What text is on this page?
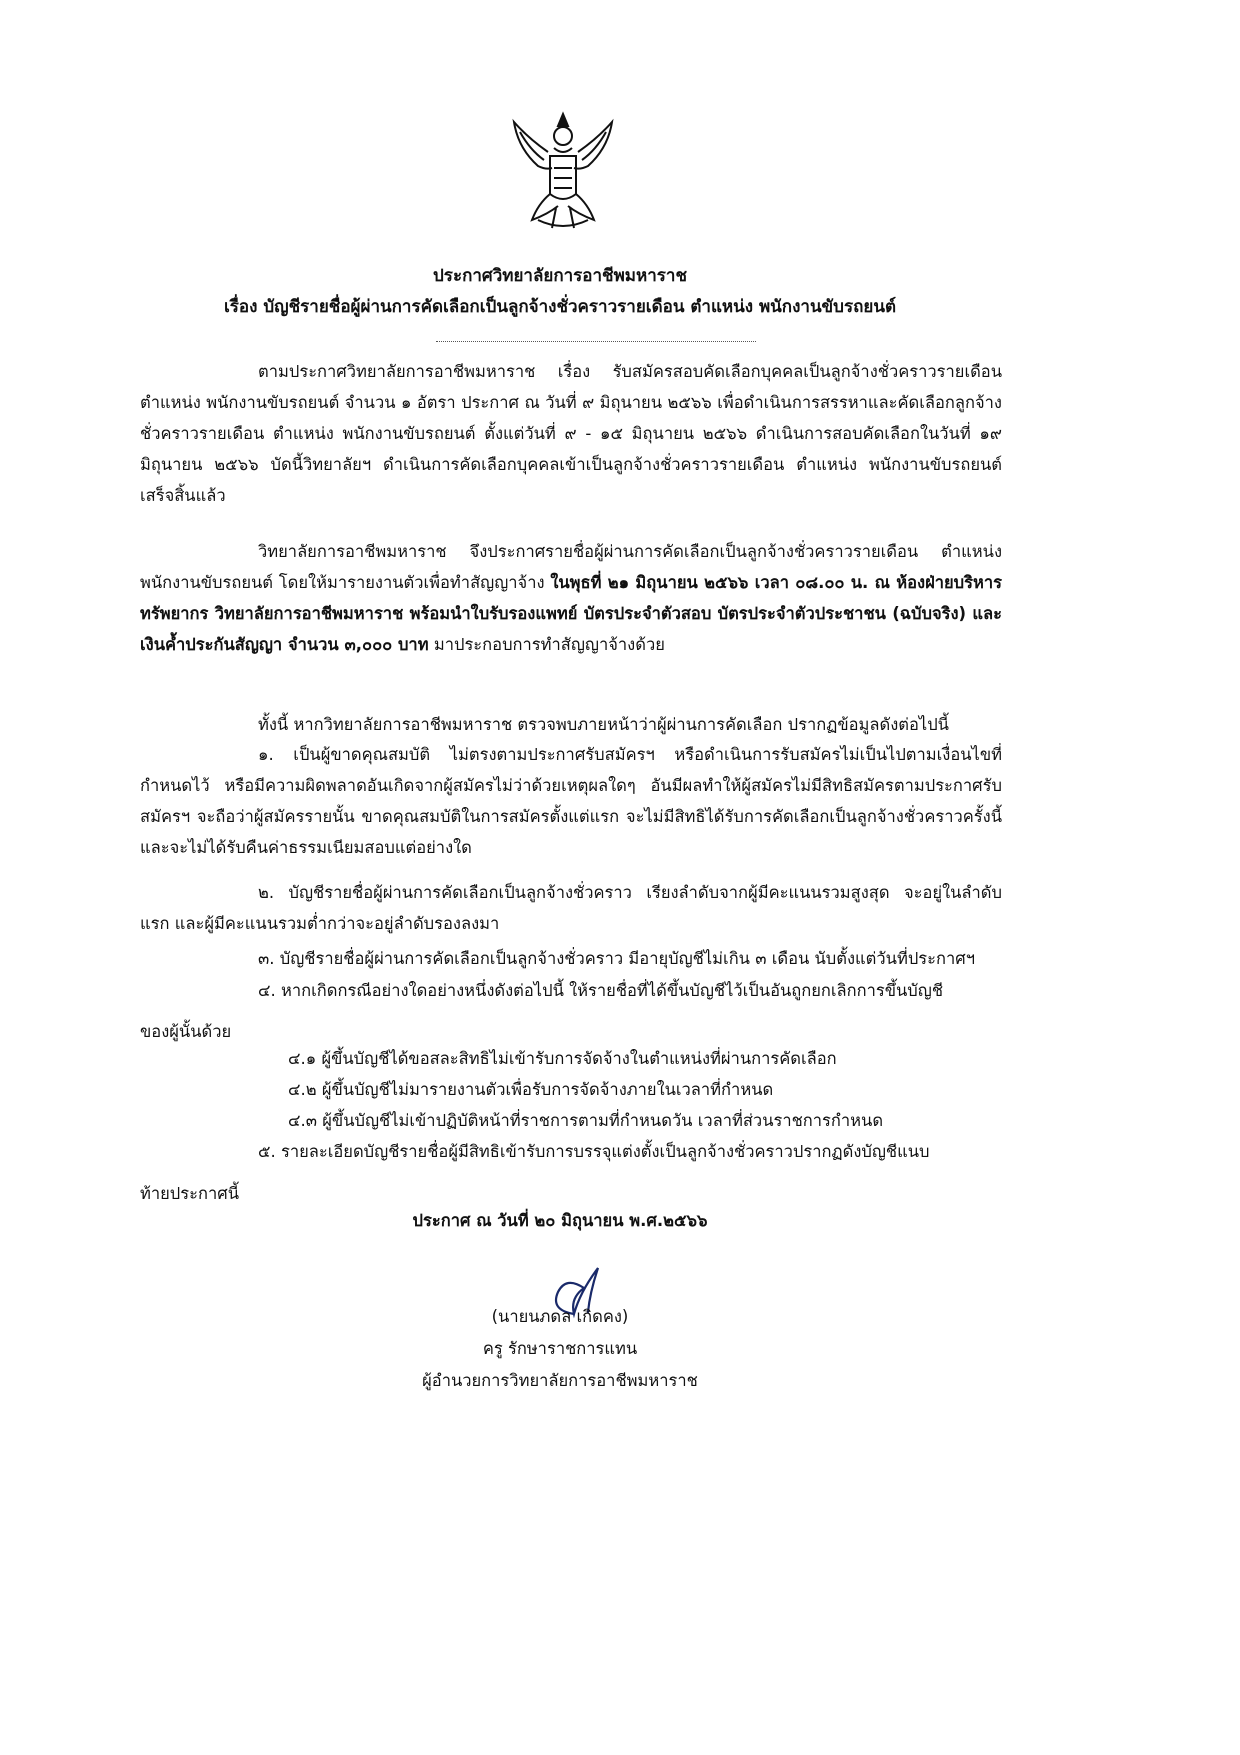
ประกาศวิทยาลัยการอาชีพมหาราช
เรื่อง บัญชีรายชื่อผู้ผ่านการคัดเลือกเป็นลูกจ้างชั่วคราวรายเดือน ตำแหน่ง พนักงานขับรถยนต์
ตามประกาศวิทยาลัยการอาชีพมหาราช เรื่อง รับสมัครสอบคัดเลือกบุคคลเป็นลูกจ้างชั่วคราวรายเดือน ตำแหน่ง พนักงานขับรถยนต์ จำนวน ๑ อัตรา ประกาศ ณ วันที่ ๙ มิถุนายน ๒๕๖๖ เพื่อดำเนินการสรรหาและคัดเลือกลูกจ้างชั่วคราวรายเดือน ตำแหน่ง พนักงานขับรถยนต์ ตั้งแต่วันที่ ๙ - ๑๕ มิถุนายน ๒๕๖๖ ดำเนินการสอบคัดเลือกในวันที่ ๑๙ มิถุนายน ๒๕๖๖ บัดนี้วิทยาลัยฯ ดำเนินการคัดเลือกบุคคลเข้าเป็นลูกจ้างชั่วคราวรายเดือน ตำแหน่ง พนักงานขับรถยนต์ เสร็จสิ้นแล้ว
วิทยาลัยการอาชีพมหาราช จึงประกาศรายชื่อผู้ผ่านการคัดเลือกเป็นลูกจ้างชั่วคราวรายเดือน ตำแหน่ง พนักงานขับรถยนต์ โดยให้มารายงานตัวเพื่อทำสัญญาจ้าง ในพุธที่ ๒๑ มิถุนายน ๒๕๖๖ เวลา ๐๘.๐๐ น. ณ ห้องฝ่ายบริหารทรัพยากร วิทยาลัยการอาชีพมหาราช พร้อมนำใบรับรองแพทย์ บัตรประจำตัวสอบ บัตรประจำตัวประชาชน (ฉบับจริง) และเงินค้ำประกันสัญญา จำนวน ๓,๐๐๐ บาท มาประกอบการทำสัญญาจ้างด้วย
ทั้งนี้ หากวิทยาลัยการอาชีพมหาราช ตรวจพบภายหน้าว่าผู้ผ่านการคัดเลือก ปรากฏข้อมูลดังต่อไปนี้
๑. เป็นผู้ขาดคุณสมบัติ ไม่ตรงตามประกาศรับสมัครฯ หรือดำเนินการรับสมัครไม่เป็นไปตามเงื่อนไขที่กำหนดไว้ หรือมีความผิดพลาดอันเกิดจากผู้สมัครไม่ว่าด้วยเหตุผลใดๆ อันมีผลทำให้ผู้สมัครไม่มีสิทธิสมัครตามประกาศรับสมัครฯ จะถือว่าผู้สมัครรายนั้น ขาดคุณสมบัติในการสมัครตั้งแต่แรก จะไม่มีสิทธิได้รับการคัดเลือกเป็นลูกจ้างชั่วคราวครั้งนี้ และจะไม่ได้รับคืนค่าธรรมเนียมสอบแต่อย่างใด
๒. บัญชีรายชื่อผู้ผ่านการคัดเลือกเป็นลูกจ้างชั่วคราว เรียงลำดับจากผู้มีคะแนนรวมสูงสุด จะอยู่ในลำดับแรก และผู้มีคะแนนรวมต่ำกว่าจะอยู่ลำดับรองลงมา
๓. บัญชีรายชื่อผู้ผ่านการคัดเลือกเป็นลูกจ้างชั่วคราว มีอายุบัญชีไม่เกิน ๓ เดือน นับตั้งแต่วันที่ประกาศฯ
๔. หากเกิดกรณีอย่างใดอย่างหนึ่งดังต่อไปนี้ ให้รายชื่อที่ได้ขึ้นบัญชีไว้เป็นอันถูกยกเลิกการขึ้นบัญชี
ของผู้นั้นด้วย
๔.๑ ผู้ขึ้นบัญชีได้ขอสละสิทธิไม่เข้ารับการจัดจ้างในตำแหน่งที่ผ่านการคัดเลือก
๔.๒ ผู้ขึ้นบัญชีไม่มารายงานตัวเพื่อรับการจัดจ้างภายในเวลาที่กำหนด
๔.๓ ผู้ขึ้นบัญชีไม่เข้าปฏิบัติหน้าที่ราชการตามที่กำหนดวัน เวลาที่ส่วนราชการกำหนด
๕. รายละเอียดบัญชีรายชื่อผู้มีสิทธิเข้ารับการบรรจุแต่งตั้งเป็นลูกจ้างชั่วคราวปรากฏดังบัญชีแนบ
ท้ายประกาศนี้
ประกาศ ณ วันที่ ๒๐ มิถุนายน พ.ศ.๒๕๖๖
(นายนภดล เกิดคง)
ครู รักษาราชการแทน
ผู้อำนวยการวิทยาลัยการอาชีพมหาราช
